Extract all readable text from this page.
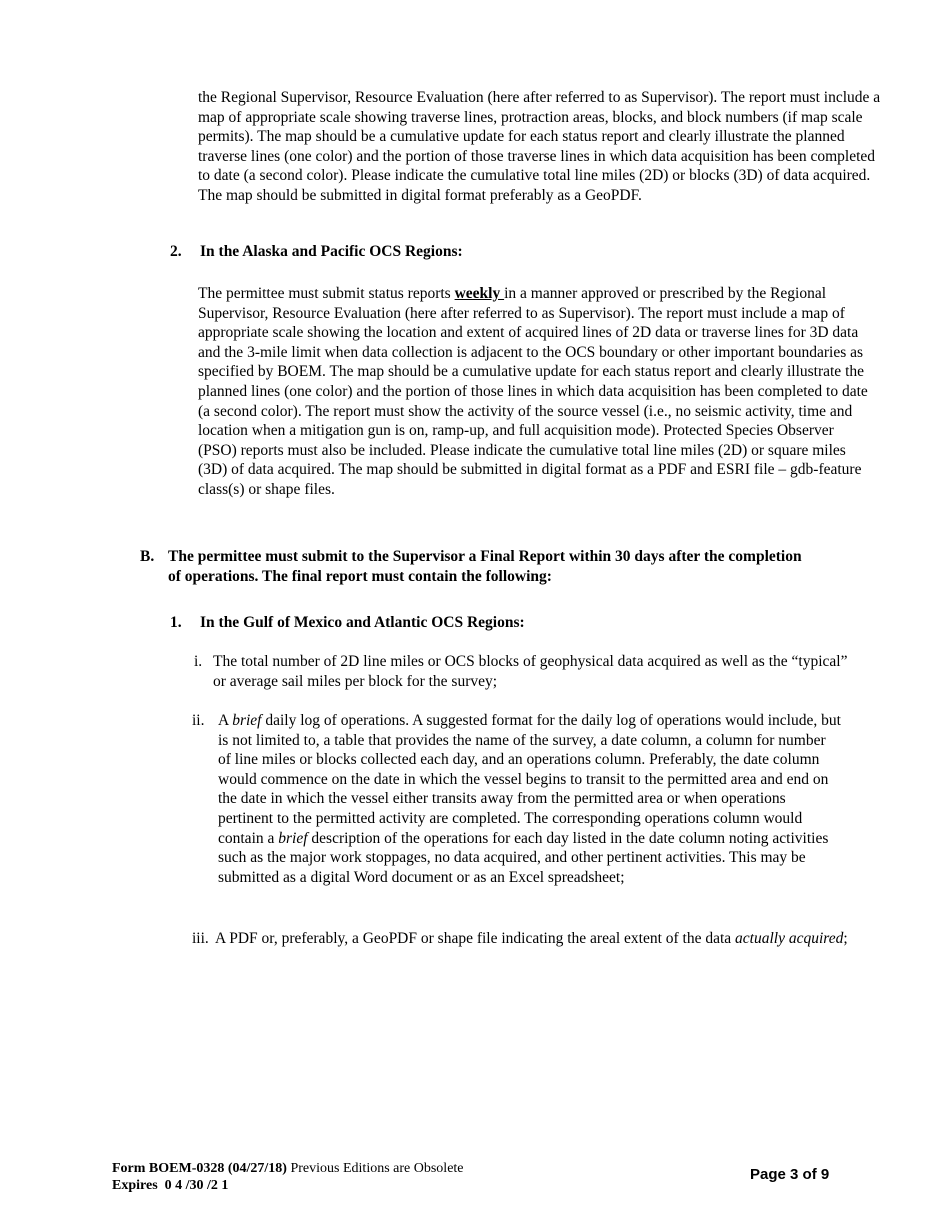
the Regional Supervisor, Resource Evaluation (here after referred to as Supervisor). The report must include a map of appropriate scale showing traverse lines, protraction areas, blocks, and block numbers (if map scale permits). The map should be a cumulative update for each status report and clearly illustrate the planned traverse lines (one color) and the portion of those traverse lines in which data acquisition has been completed to date (a second color). Please indicate the cumulative total line miles (2D) or blocks (3D) of data acquired. The map should be submitted in digital format preferably as a GeoPDF.

2. In the Alaska and Pacific OCS Regions:

The permittee must submit status reports weekly in a manner approved or prescribed by the Regional Supervisor, Resource Evaluation (here after referred to as Supervisor). The report must include a map of appropriate scale showing the location and extent of acquired lines of 2D data or traverse lines for 3D data and the 3-mile limit when data collection is adjacent to the OCS boundary or other important boundaries as specified by BOEM. The map should be a cumulative update for each status report and clearly illustrate the planned lines (one color) and the portion of those lines in which data acquisition has been completed to date (a second color). The report must show the activity of the source vessel (i.e., no seismic activity, time and location when a mitigation gun is on, ramp-up, and full acquisition mode). Protected Species Observer (PSO) reports must also be included. Please indicate the cumulative total line miles (2D) or square miles (3D) of data acquired. The map should be submitted in digital format as a PDF and ESRI file – gdb-feature class(s) or shape files.

B. The permittee must submit to the Supervisor a Final Report within 30 days after the completion of operations. The final report must contain the following:

1. In the Gulf of Mexico and Atlantic OCS Regions:

i. The total number of 2D line miles or OCS blocks of geophysical data acquired as well as the “typical” or average sail miles per block for the survey;
ii. A brief daily log of operations. A suggested format for the daily log of operations would include, but is not limited to, a table that provides the name of the survey, a date column, a column for number of line miles or blocks collected each day, and an operations column. Preferably, the date column would commence on the date in which the vessel begins to transit to the permitted area and end on the date in which the vessel either transits away from the permitted area or when operations pertinent to the permitted activity are completed. The corresponding operations column would contain a brief description of the operations for each day listed in the date column noting activities such as the major work stoppages, no data acquired, and other pertinent activities. This may be submitted as a digital Word document or as an Excel spreadsheet;
iii. A PDF or, preferably, a GeoPDF or shape file indicating the areal extent of the data actually acquired;
Form BOEM-0328 (04/27/18) Previous Editions are Obsolete
Expires  0 4 /30 /2 1
Page 3 of 9
